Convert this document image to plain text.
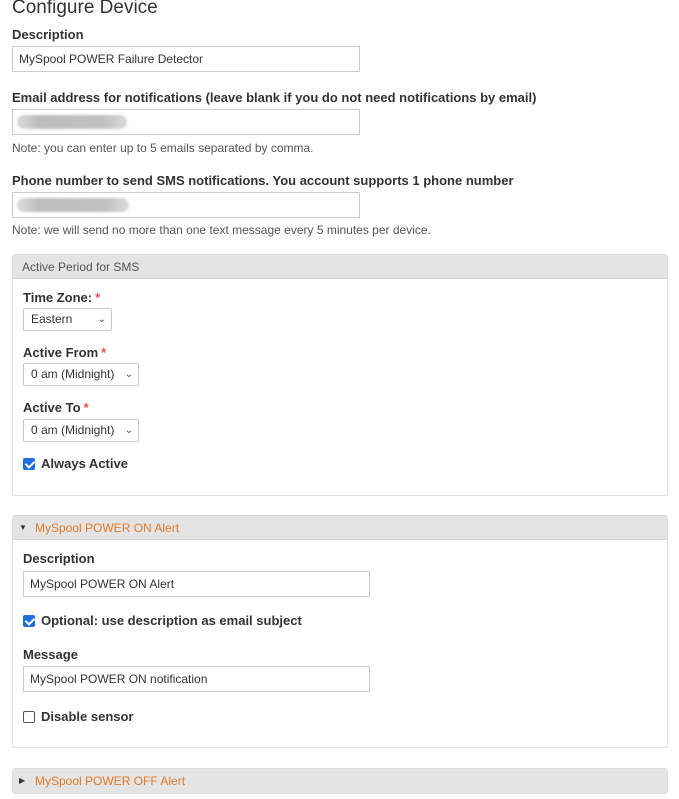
Configure Device
Description
MySpool POWER Failure Detector
Email address for notifications (leave blank if you do not need notifications by email)
Note: you can enter up to 5 emails separated by comma.
Phone number to send SMS notifications. You account supports 1 phone number
Note: we will send no more than one text message every 5 minutes per device.
Active Period for SMS
Time Zone: *
Eastern	⌄
Active From *
0 am (Midnight) ⌄
Active To *
0 am (Midnight) ⌄
Always Active
▼ MySpool POWER ON Alert
Description
MySpool POWER ON Alert
Optional: use description as email subject
Message
MySpool POWER ON notification
Disable sensor
▶ MySpool POWER OFF Alert
